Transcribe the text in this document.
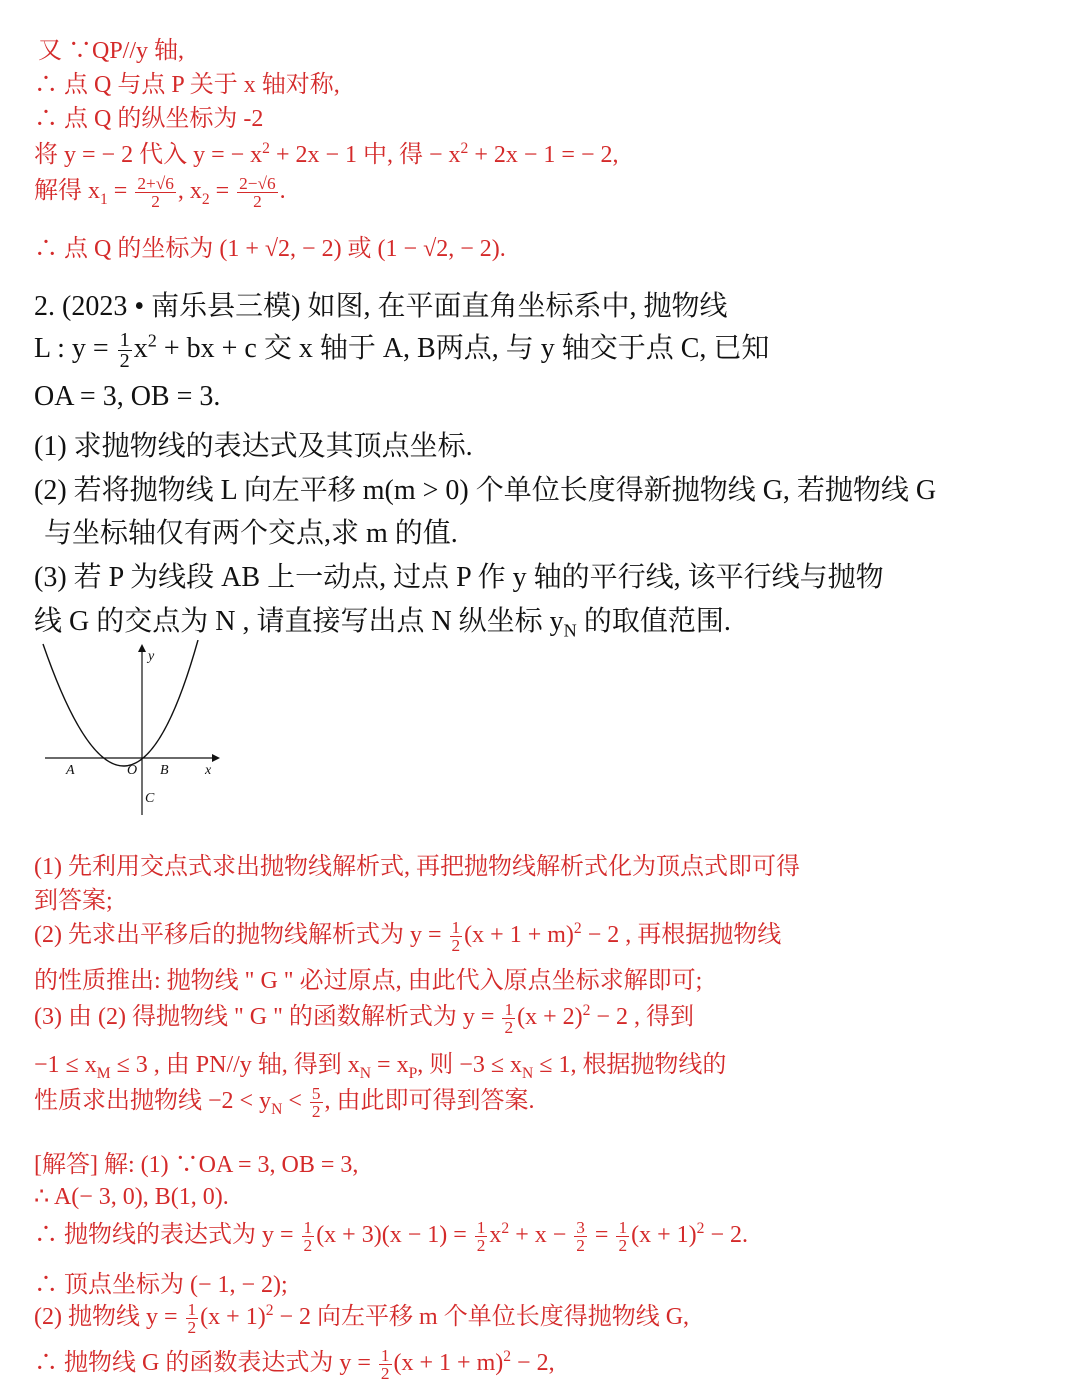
又 ∵QP//y 轴,
∴ 点 Q 与点 P 关于 x 轴对称,
∴ 点 Q 的纵坐标为 -2
将 y = − 2 代入 y = − $x^2 + 2x - 1$ 中, 得 − $x^2 + 2x - 1$ = − 2,
解得 $x_1 = \frac{2+√6}{2}$ , $x_2 = \frac{2-√6}{2}$ .
∴ 点 Q 的坐标为 (1 + √2, − 2) 或 (1 − √2, − 2).
2. (2023 • 南乐县三模) 如图, 在平面直角坐标系中, 抛物线
L : $y = \frac{1}{2} x^2$ + bx + c 交 x 轴于 A, B两点, 与 y 轴交于点 C, 已知
OA = 3, OB = 3.
(1) 求抛物线的表达式及其顶点坐标.
(2) 若将抛物线 L 向左平移 m(m > 0) 个单位长度得新抛物线 G, 若抛物线 G
与坐标轴仅有两个交点,求 m 的值.
(3) 若 P 为线段 AB 上一动点, 过点 P 作 y 轴的平行线, 该平行线与抛物
线 G 的交点为 N , 请直接写出点 N 纵坐标 $y_N$ 的取值范围.
y
x
A	O B
C
(1) 先利用交点式求出抛物线解析式, 再把抛物线解析式化为顶点式即可得
到答案;
(2) 先求出平移后的抛物线解析式为 $y = \frac{1}{2} (x + 1 + m)^2 - 2$ , 再根据抛物线
的性质推出: 抛物线 " G " 必过原点, 由此代入原点坐标求解即可;
(3) 由 (2) 得抛物线 " G " 的函数解析式为 $y = \frac{1}{2} (x + 2)^2 - 2$ , 得到
$-1 \le x_M \le 3$ , 由 PN//y 轴, 得到 $x_N = x_P$, 则 $-3 \le x_N \le 1$, 根据抛物线的
性质求出抛物线 $-2 < y_N < \frac{5}{2}$ , 由此即可得到答案.
[解答] 解: (1) ∵OA = 3, OB = 3,
∴ A(− 3, 0), B(1, 0).
∴ 抛物线的表达式为 $y = \frac{1}{2} (x + 3)(x - 1) = \frac{1}{2} x^2 + x - \frac{3}{2} = \frac{1}{2} (x + 1)^2 - 2$.
∴ 顶点坐标为 (− 1, − 2);
(2) 抛物线 $y = \frac{1}{2} (x + 1)^2 - 2$ 向左平移 m 个单位长度得抛物线 G,
∴ 抛物线 G 的函数表达式为 $y = \frac{1}{2} (x + 1 + m)^2 - 2$,
